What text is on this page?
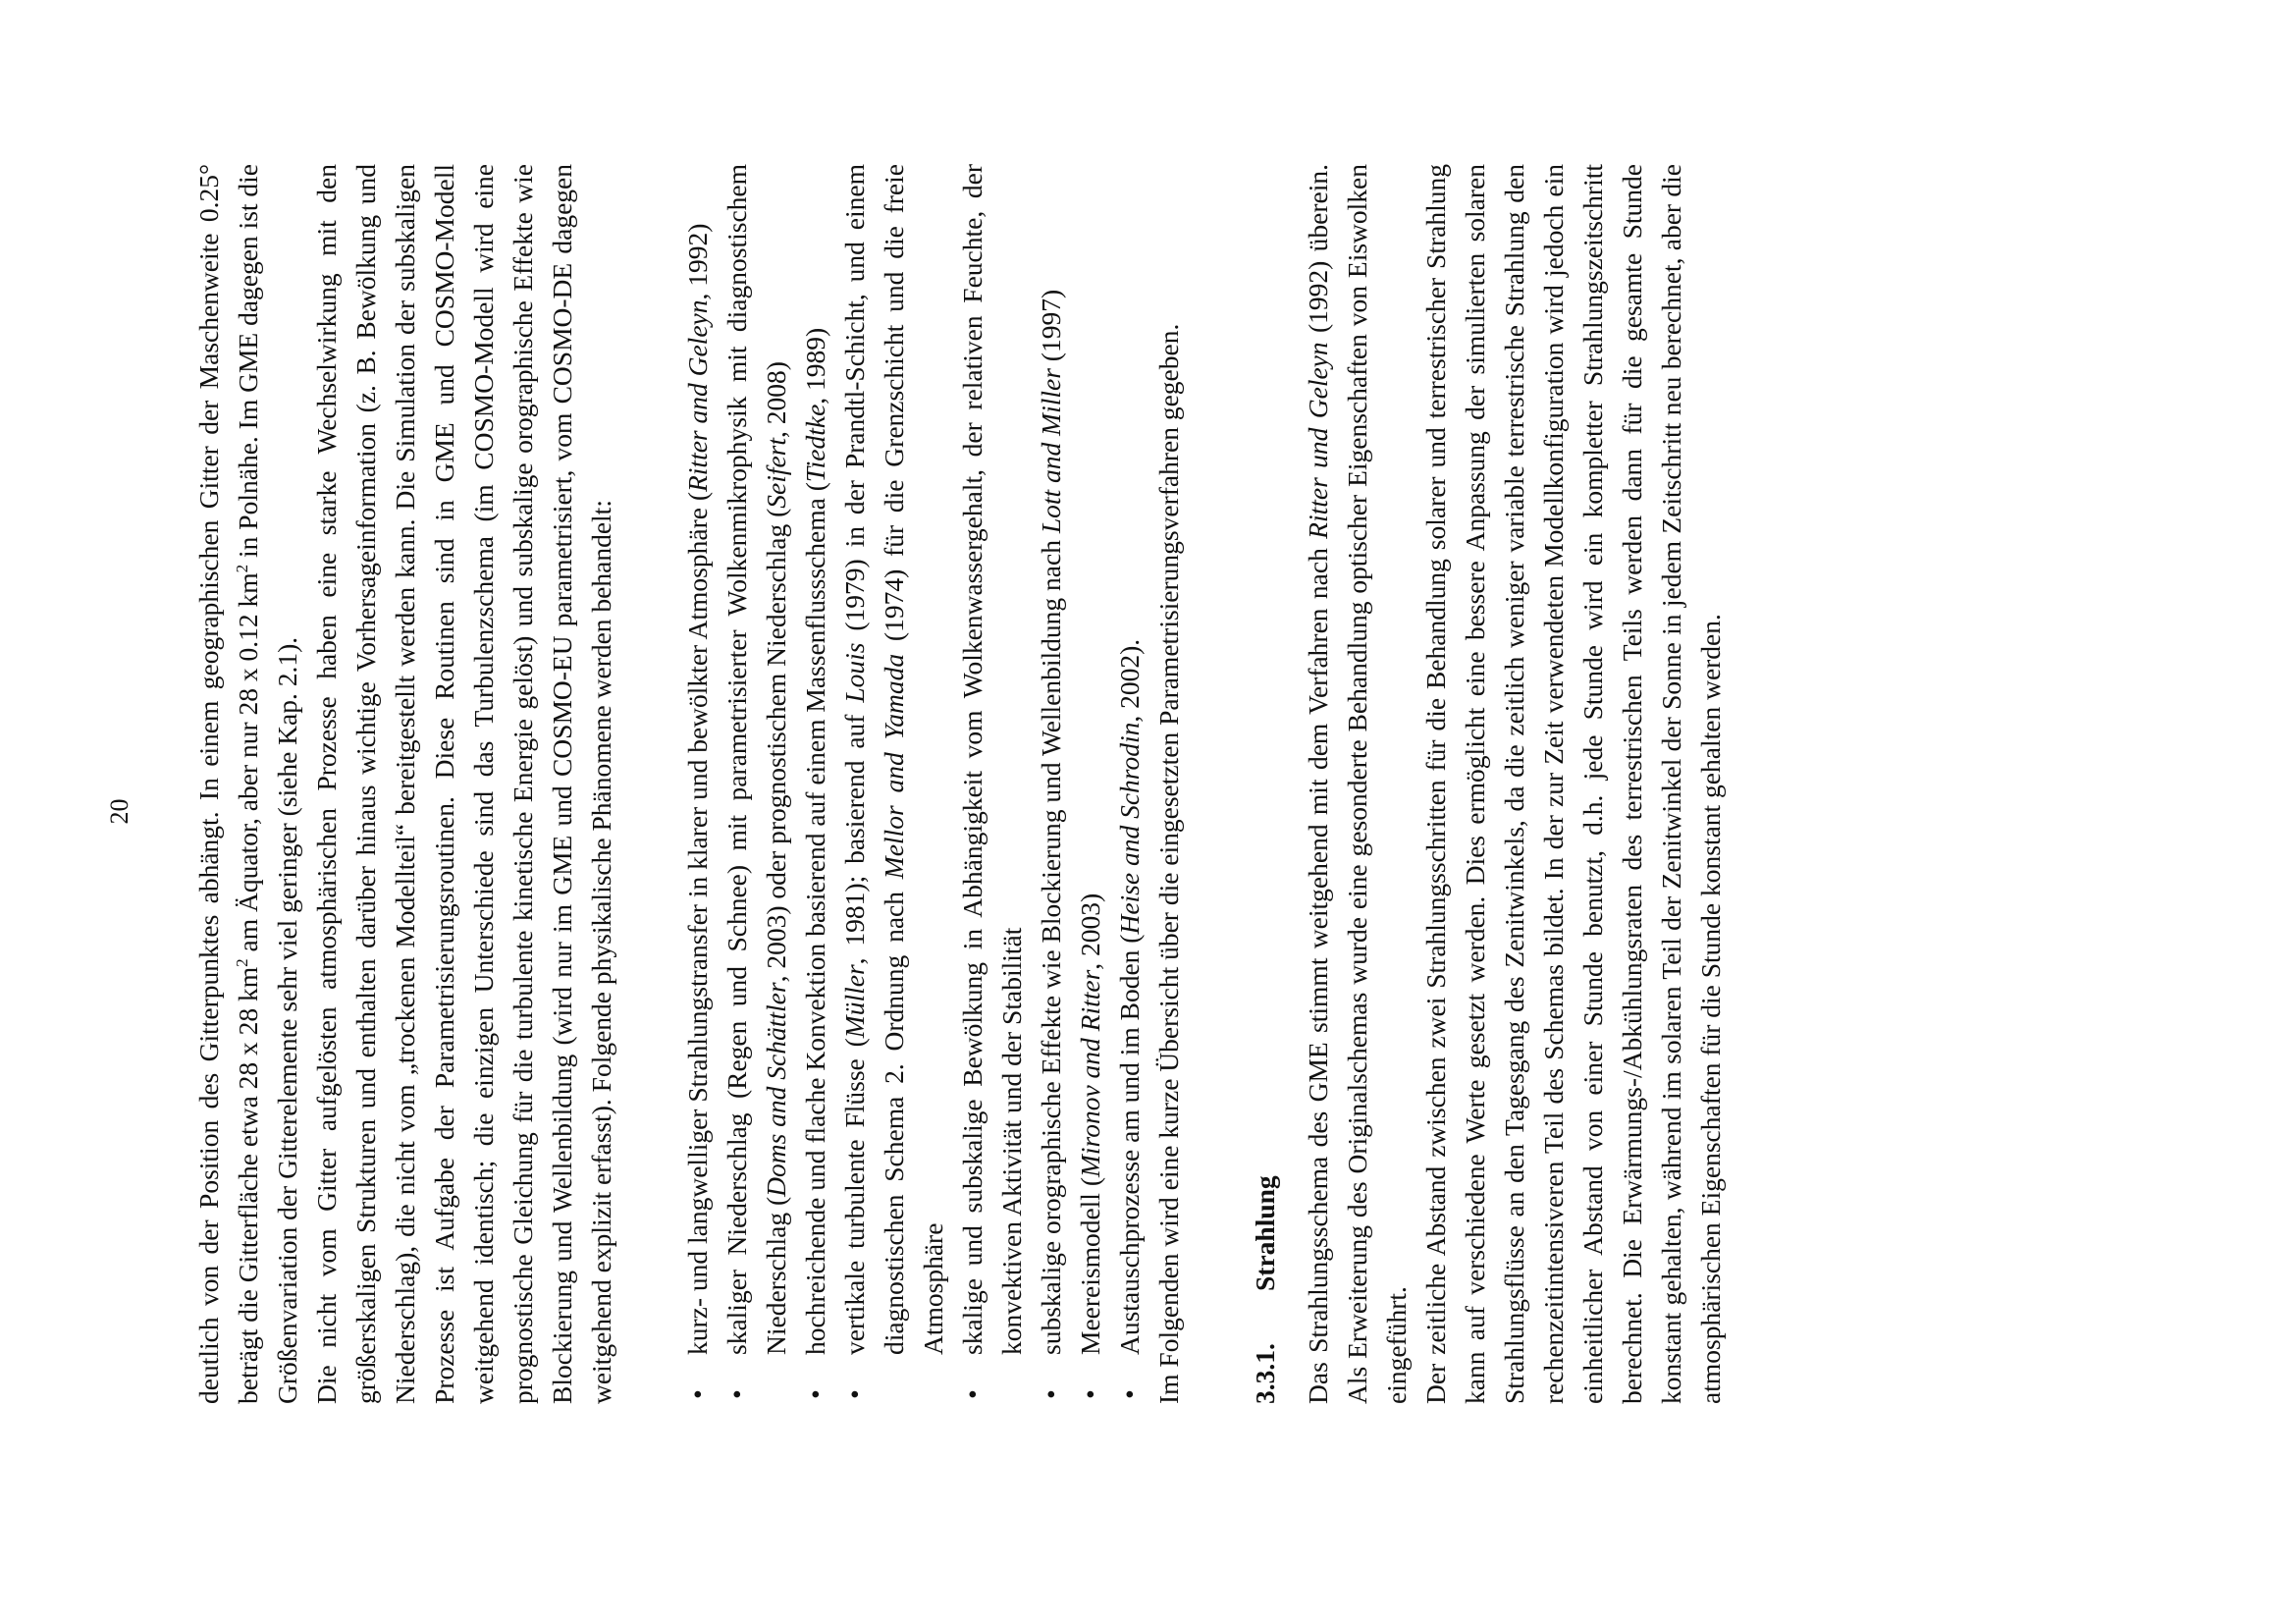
20 deutlich von der Position des Gitterpunktes abhängt. In einem geographischen Gitter der Maschenweite 0.25° beträgt die Gitterfläche etwa 28 x 28 $km^2$ am Äquator, aber nur 28 x 0.12 $km^2$ in Polnähe. Im GME dagegen ist die Größenvariation der Gitterelemente sehr viel geringer (siehe Kap. 2.1). Die nicht vom Gitter aufgelösten atmosphärischen Prozesse haben eine starke Wechselwirkung mit den größerskaligen Strukturen und enthalten darüber hinaus wichtige Vorhersageinformation (z. B. Bewölkung und Niederschlag), die nicht vom „trockenen Modellteil“ bereitgestellt werden kann. Die Simulation der subskaligen Prozesse ist Aufgabe der Parametrisierungsroutinen. Diese Routinen sind in GME und COSMO-Modell weitgehend identisch; die einzigen Unterschiede sind das Turbulenzschema (im COSMO-Modell wird eine prognostische Gleichung für die turbulente kinetische Energie gelöst) und subskalige orographische Effekte wie Blockierung und Wellenbildung (wird nur im GME und COSMO-EU parametrisiert, vom COSMO-DE dagegen weitgehend explizit erfasst). Folgende physikalische Phänomene werden behandelt: •
kurz- und langwelliger Strahlungstransfer in klarer und bewölkter Atmosphäre (Ritter and Geleyn, 1992)
•
skaliger Niederschlag (Regen und Schnee) mit parametrisierter Wolkenmikrophysik mit diagnostischem Niederschlag (Doms and Schättler, 2003) oder prognostischem Niederschlag (Seifert, 2008)
•
hochreichende und flache Konvektion basierend auf einem Massenflussschema (Tiedtke, 1989)
•
vertikale turbulente Flüsse (Müller, 1981); basierend auf Louis (1979) in der Prandtl-Schicht, und einem diagnostischen Schema 2. Ordnung nach Mellor and Yamada (1974) für die Grenzschicht und die freie Atmosphäre
•
skalige und subskalige Bewölkung in Abhängigkeit vom Wolkenwassergehalt, der relativen Feuchte, der konvektiven Aktivität und der Stabilität
•
subskalige orographische Effekte wie Blockierung und Wellenbildung nach Lott and Miller (1997)
•
Meereismodell (Mironov and Ritter, 2003)
•
Austauschprozesse am und im Boden (Heise and Schrodin, 2002). Im Folgenden wird eine kurze Übersicht über die eingesetzten Parametrisierungsverfahren gegeben. 3.3.1.Strahlung Das Strahlungsschema des GME stimmt weitgehend mit dem Verfahren nach Ritter und Geleyn (1992) überein. Als Erweiterung des Originalschemas wurde eine gesonderte Behandlung optischer Eigenschaften von Eiswolken eingeführt. Der zeitliche Abstand zwischen zwei Strahlungsschritten für die Behandlung solarer und terrestrischer Strahlung kann auf verschiedene Werte gesetzt werden. Dies ermöglicht eine bessere Anpassung der simulierten solaren Strahlungsflüsse an den Tagesgang des Zenitwinkels, da die zeitlich weniger variable terrestrische Strahlung den rechenzeitintensiveren Teil des Schemas bildet. In der zur Zeit verwendeten Modellkonfiguration wird jedoch ein einheitlicher Abstand von einer Stunde benutzt, d.h. jede Stunde wird ein kompletter Strahlungszeitschritt berechnet. Die Erwärmungs-/Abkühlungsraten des terrestrischen Teils werden dann für die gesamte Stunde konstant gehalten, während im solaren Teil der Zenitwinkel der Sonne in jedem Zeitschritt neu berechnet, aber die atmosphärischen Eigenschaften für die Stunde konstant gehalten werden.
